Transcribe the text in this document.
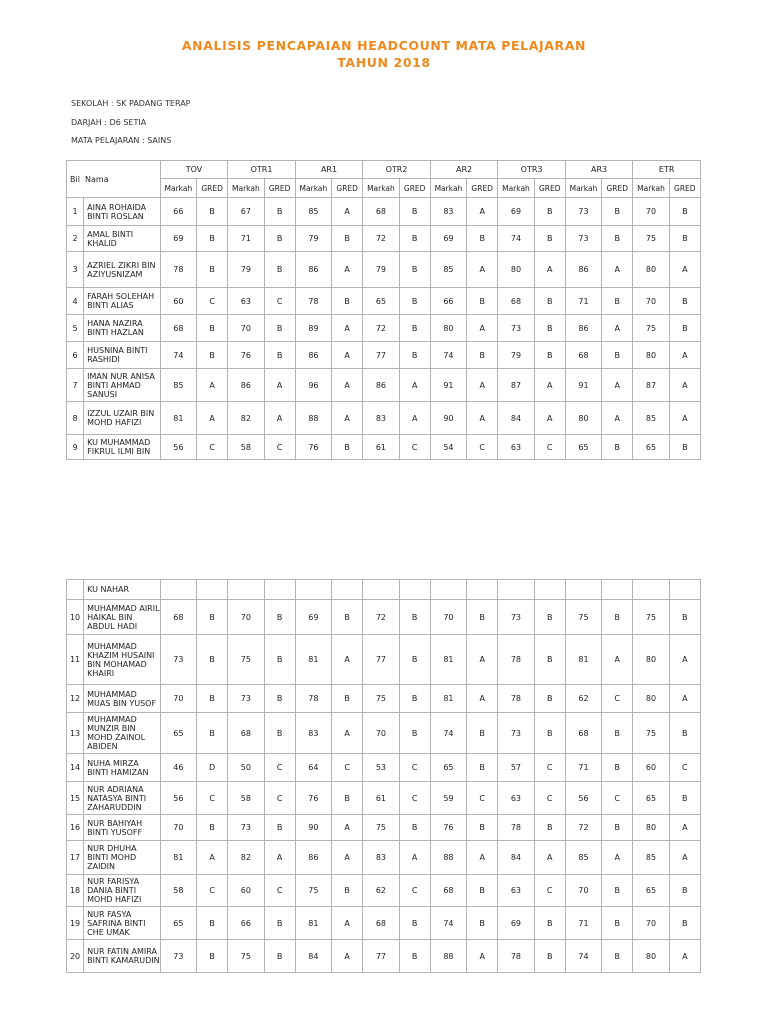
ANALISIS PENCAPAIAN HEADCOUNT MATA PELAJARAN
TAHUN 2018
SEKOLAH : SK PADANG TERAP
DARJAH : D6 SETIA
MATA PELAJARAN : SAINS
Bil Nama		TOV		OTR1		AR1		OTR2		AR2		OTR3		AR3		ETR	
		Markah	GRED	Markah	GRED	Markah	GRED	Markah	GRED	Markah	GRED	Markah	GRED	Markah	GRED	Markah	GRED
1	AINA ROHAIDA BINTI ROSLAN	66	B	67	B	85	A	68	B	83	A	69	B	73	B	70	B
2	AMAL BINTI KHALID	69	B	71	B	79	B	72	B	69	B	74	B	73	B	75	B
3	AZRIEL ZIKRI BIN AZIYUSNIZAM	78	B	79	B	86	A	79	B	85	A	80	A	86	A	80	A
4	FARAH SOLEHAH BINTI ALIAS	60	C	63	C	78	B	65	B	66	B	68	B	71	B	70	B
5	HANA NAZIRA BINTI HAZLAN	68	B	70	B	89	A	72	B	80	A	73	B	86	A	75	B
6	HUSNINA BINTI RASHIDI	74	B	76	B	86	A	77	B	74	B	79	B	68	B	80	A
7	IMAN NUR ANISA BINTI AHMAD SANUSI	85	A	86	A	96	A	86	A	91	A	87	A	91	A	87	A
8	IZZUL UZAIR BIN MOHD HAFIZI	81	A	82	A	88	A	83	A	90	A	84	A	80	A	85	A
9	KU MUHAMMAD FIKRUL ILMI BIN	56	C	58	C	76	B	61	C	54	C	63	C	65	B	65	B
	KU NAHAR																
10	MUHAMMAD AIRIL HAIKAL BIN ABDUL HADI	68	B	70	B	69	B	72	B	70	B	73	B	75	B	75	B
11	MUHAMMAD KHAZIM HUSAINI BIN MOHAMAD KHAIRI	73	B	75	B	81	A	77	B	81	A	78	B	81	A	80	A
12	MUHAMMAD MUAS BIN YUSOF	70	B	73	B	78	B	75	B	81	A	78	B	62	C	80	A
13	MUHAMMAD MUNZIR BIN MOHD ZAINOL ABIDEN	65	B	68	B	83	A	70	B	74	B	73	B	68	B	75	B
14	NUHA MIRZA BINTI HAMIZAN	46	D	50	C	64	C	53	C	65	B	57	C	71	B	60	C
15	NUR ADRIANA NATASYA BINTI ZAHARUDDIN	56	C	58	C	76	B	61	C	59	C	63	C	56	C	65	B
16	NUR BAHIYAH BINTI YUSOFF	70	B	73	B	90	A	75	B	76	B	78	B	72	B	80	A
17	NUR DHUHA BINTI MOHD ZAIDIN	81	A	82	A	86	A	83	A	88	A	84	A	85	A	85	A
18	NUR FARISYA DANIA BINTI MOHD HAFIZI	58	C	60	C	75	B	62	C	68	B	63	C	70	B	65	B
19	NUR FASYA SAFRINA BINTI CHE UMAK	65	B	66	B	81	A	68	B	74	B	69	B	71	B	70	B
20	NUR FATIN AMIRA BINTI KAMARUDIN	73	B	75	B	84	A	77	B	88	A	78	B	74	B	80	A
